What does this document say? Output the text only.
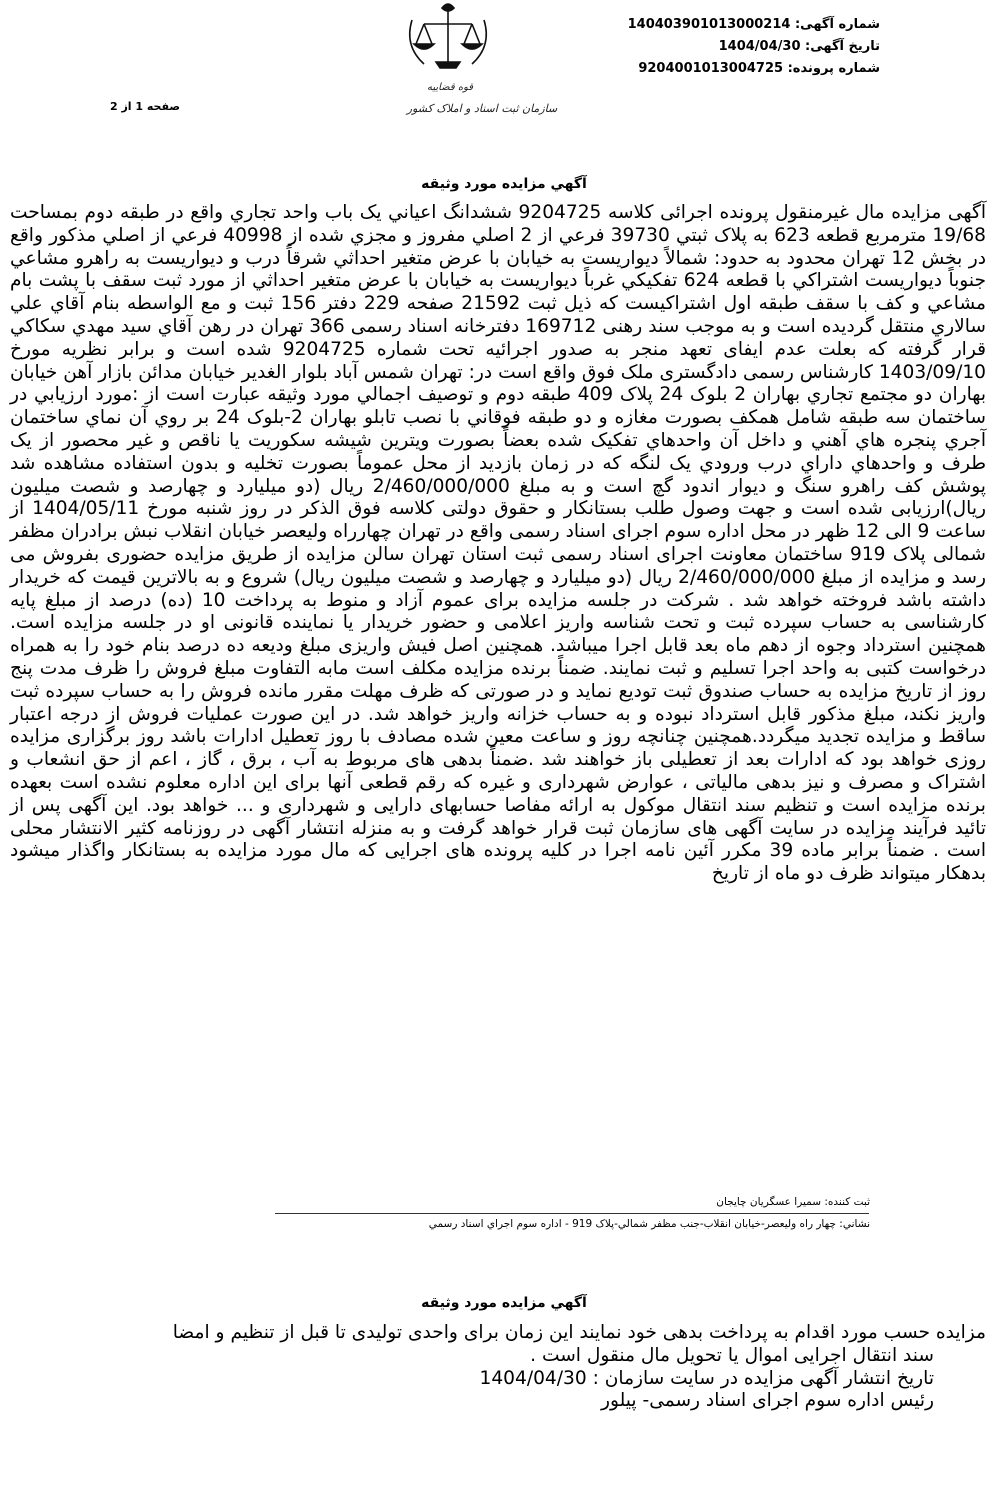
شماره آگهی: 14040390101300021‎4
تاریخ آگهی: 1404/04/30
شماره پرونده: 9204001013004725
قوه قضاییه
سازمان ثبت اسناد و املاک کشور
صفحه 1 از 2
آگهي مزايده مورد وثيقه
آگهی مزایده مال غیرمنقول پرونده اجرائی کلاسه 9204725 ششدانگ اعياني يک باب واحد تجاري واقع در طبقه دوم بمساحت 19/68 مترمربع قطعه 623 به پلاک ثبتي 39730 فرعي از 2 اصلي مفروز و مجزي شده از 40998 فرعي از اصلي مذکور واقع در بخش 12 تهران محدود به حدود: شمالاً ديواريست به خيابان با عرض متغير احداثي شرقاً درب و ديواريست به راهرو مشاعي جنوباً ديواريست اشتراکي با قطعه 624 تفکيکي غرباً ديواريست به خيابان با عرض متغير احداثي از مورد ثبت سقف با پشت بام مشاعي و کف با سقف طبقه اول اشتراکيست که ذيل ثبت 21592 صفحه 229 دفتر 156 ثبت و مع الواسطه بنام آقاي علي سالاري منتقل گرديده است و به موجب سند رهنی 169712 دفترخانه اسناد رسمی 366 تهران در رهن آقاي سيد مهدي سکاکي قرار گرفته که بعلت عدم ایفای تعهد منجر به صدور اجرائیه تحت شماره 9204725 شده است و برابر نظریه مورخ 1403/09/10 کارشناس رسمی دادگستری ملک فوق واقع است در: تهران شمس آباد بلوار الغدير خيابان مدائن بازار آهن خيابان بهاران دو مجتمع تجاري بهاران 2 بلوک 24 پلاک 409 طبقه دوم و توصيف اجمالي مورد وثيقه عبارت است از :مورد ارزيابي در ساختمان سه طبقه شامل همکف بصورت مغازه و دو طبقه فوقاني با نصب تابلو بهاران 2-بلوک 24 بر روي آن نماي ساختمان آجري پنجره هاي آهني و داخل آن واحدهاي تفکيک شده بعضاً بصورت ويترين شيشه سکوريت يا ناقص و غير محصور از يک طرف و واحدهاي داراي درب ورودي يک لنگه که در زمان بازديد از محل عموماً بصورت تخليه و بدون استفاده مشاهده شد پوشش کف راهرو سنگ و ديوار اندود گچ است و به مبلغ 2/460/000/000 ريال (دو ميليارد و چهارصد و شصت ميليون ريال)ارزيابی شده است و جهت وصول طلب بستانکار و حقوق دولتی کلاسه فوق الذکر در روز شنبه مورخ 1404/05/11 از ساعت 9 الی 12 ظهر در محل اداره سوم اجرای اسناد رسمی واقع در تهران چهارراه وليعصر خيابان انقلاب نبش برادران مظفر شمالی پلاک 919 ساختمان معاونت اجرای اسناد رسمی ثبت استان تهران سالن مزایده از طریق مزایده حضوری بفروش می رسد و مزایده از مبلغ 2/460/000/000 ريال (دو ميليارد و چهارصد و شصت ميليون ريال) شروع و به بالاترین قیمت که خریدار داشته باشد فروخته خواهد شد . شرکت در جلسه مزایده برای عموم آزاد و منوط به پرداخت 10 (ده) درصد از مبلغ پایه کارشناسی به حساب سپرده ثبت و تحت شناسه واریز اعلامی و حضور خریدار یا نماینده قانونی او در جلسه مزایده است. همچنین استرداد وجوه از دهم ماه بعد قابل اجرا میباشد. همچنین اصل فیش واریزی مبلغ ودیعه ده درصد بنام خود را به همراه درخواست کتبی به واحد اجرا تسلیم و ثبت نمایند. ضمناً برنده مزایده مکلف است مابه التفاوت مبلغ فروش را ظرف مدت پنج روز از تاریخ مزایده به حساب صندوق ثبت تودیع نماید و در صورتی که ظرف مهلت مقرر مانده فروش را به حساب سپرده ثبت واریز نکند، مبلغ مذکور قابل استرداد نبوده و به حساب خزانه واریز خواهد شد. در این صورت عملیات فروش از درجه اعتبار ساقط و مزایده تجدید میگردد.همچنین چنانچه روز و ساعت معین شده مصادف با روز تعطیل ادارات باشد روز برگزاری مزایده روزی خواهد بود که ادارات بعد از تعطیلی باز خواهند شد .ضمناً بدهی های مربوط به آب ، برق ، گاز ، اعم از حق انشعاب و اشتراک و مصرف و نیز بدهی مالیاتی ، عوارض شهرداری و غیره که رقم قطعی آنها برای این اداره معلوم نشده است بعهده برنده مزایده است و تنظیم سند انتقال موکول به ارائه مفاصا حسابهای دارایی و شهرداری و ... خواهد بود. این آگهی پس از تائید فرآیند مزایده در سایت آگهی های سازمان ثبت قرار خواهد گرفت و به منزله انتشار آگهی در روزنامه کثیر الانتشار محلی است . ضمناً برابر ماده 39 مکرر آئین نامه اجرا در کلیه پرونده های اجرایی که مال مورد مزایده به بستانکار واگذار میشود بدهکار میتواند ظرف دو ماه از تاریخ
ثبت كننده: سميرا عسگريان چايجان
نشاني: چهار راه وليعصر-خيابان انقلاب-جنب مظفر شمالي-پلاک 919 - اداره سوم اجراي اسناد رسمي
آگهي مزايده مورد وثيقه
مزایده حسب مورد اقدام به پرداخت بدهی خود نمایند این زمان برای واحدی تولیدی تا قبل از تنظیم و امضا
سند انتقال اجرایی اموال یا تحویل مال منقول است .
تاریخ انتشار آگهی مزایده در سایت سازمان : 1404/04/30
رئیس اداره سوم اجرای اسناد رسمی- پیلور
